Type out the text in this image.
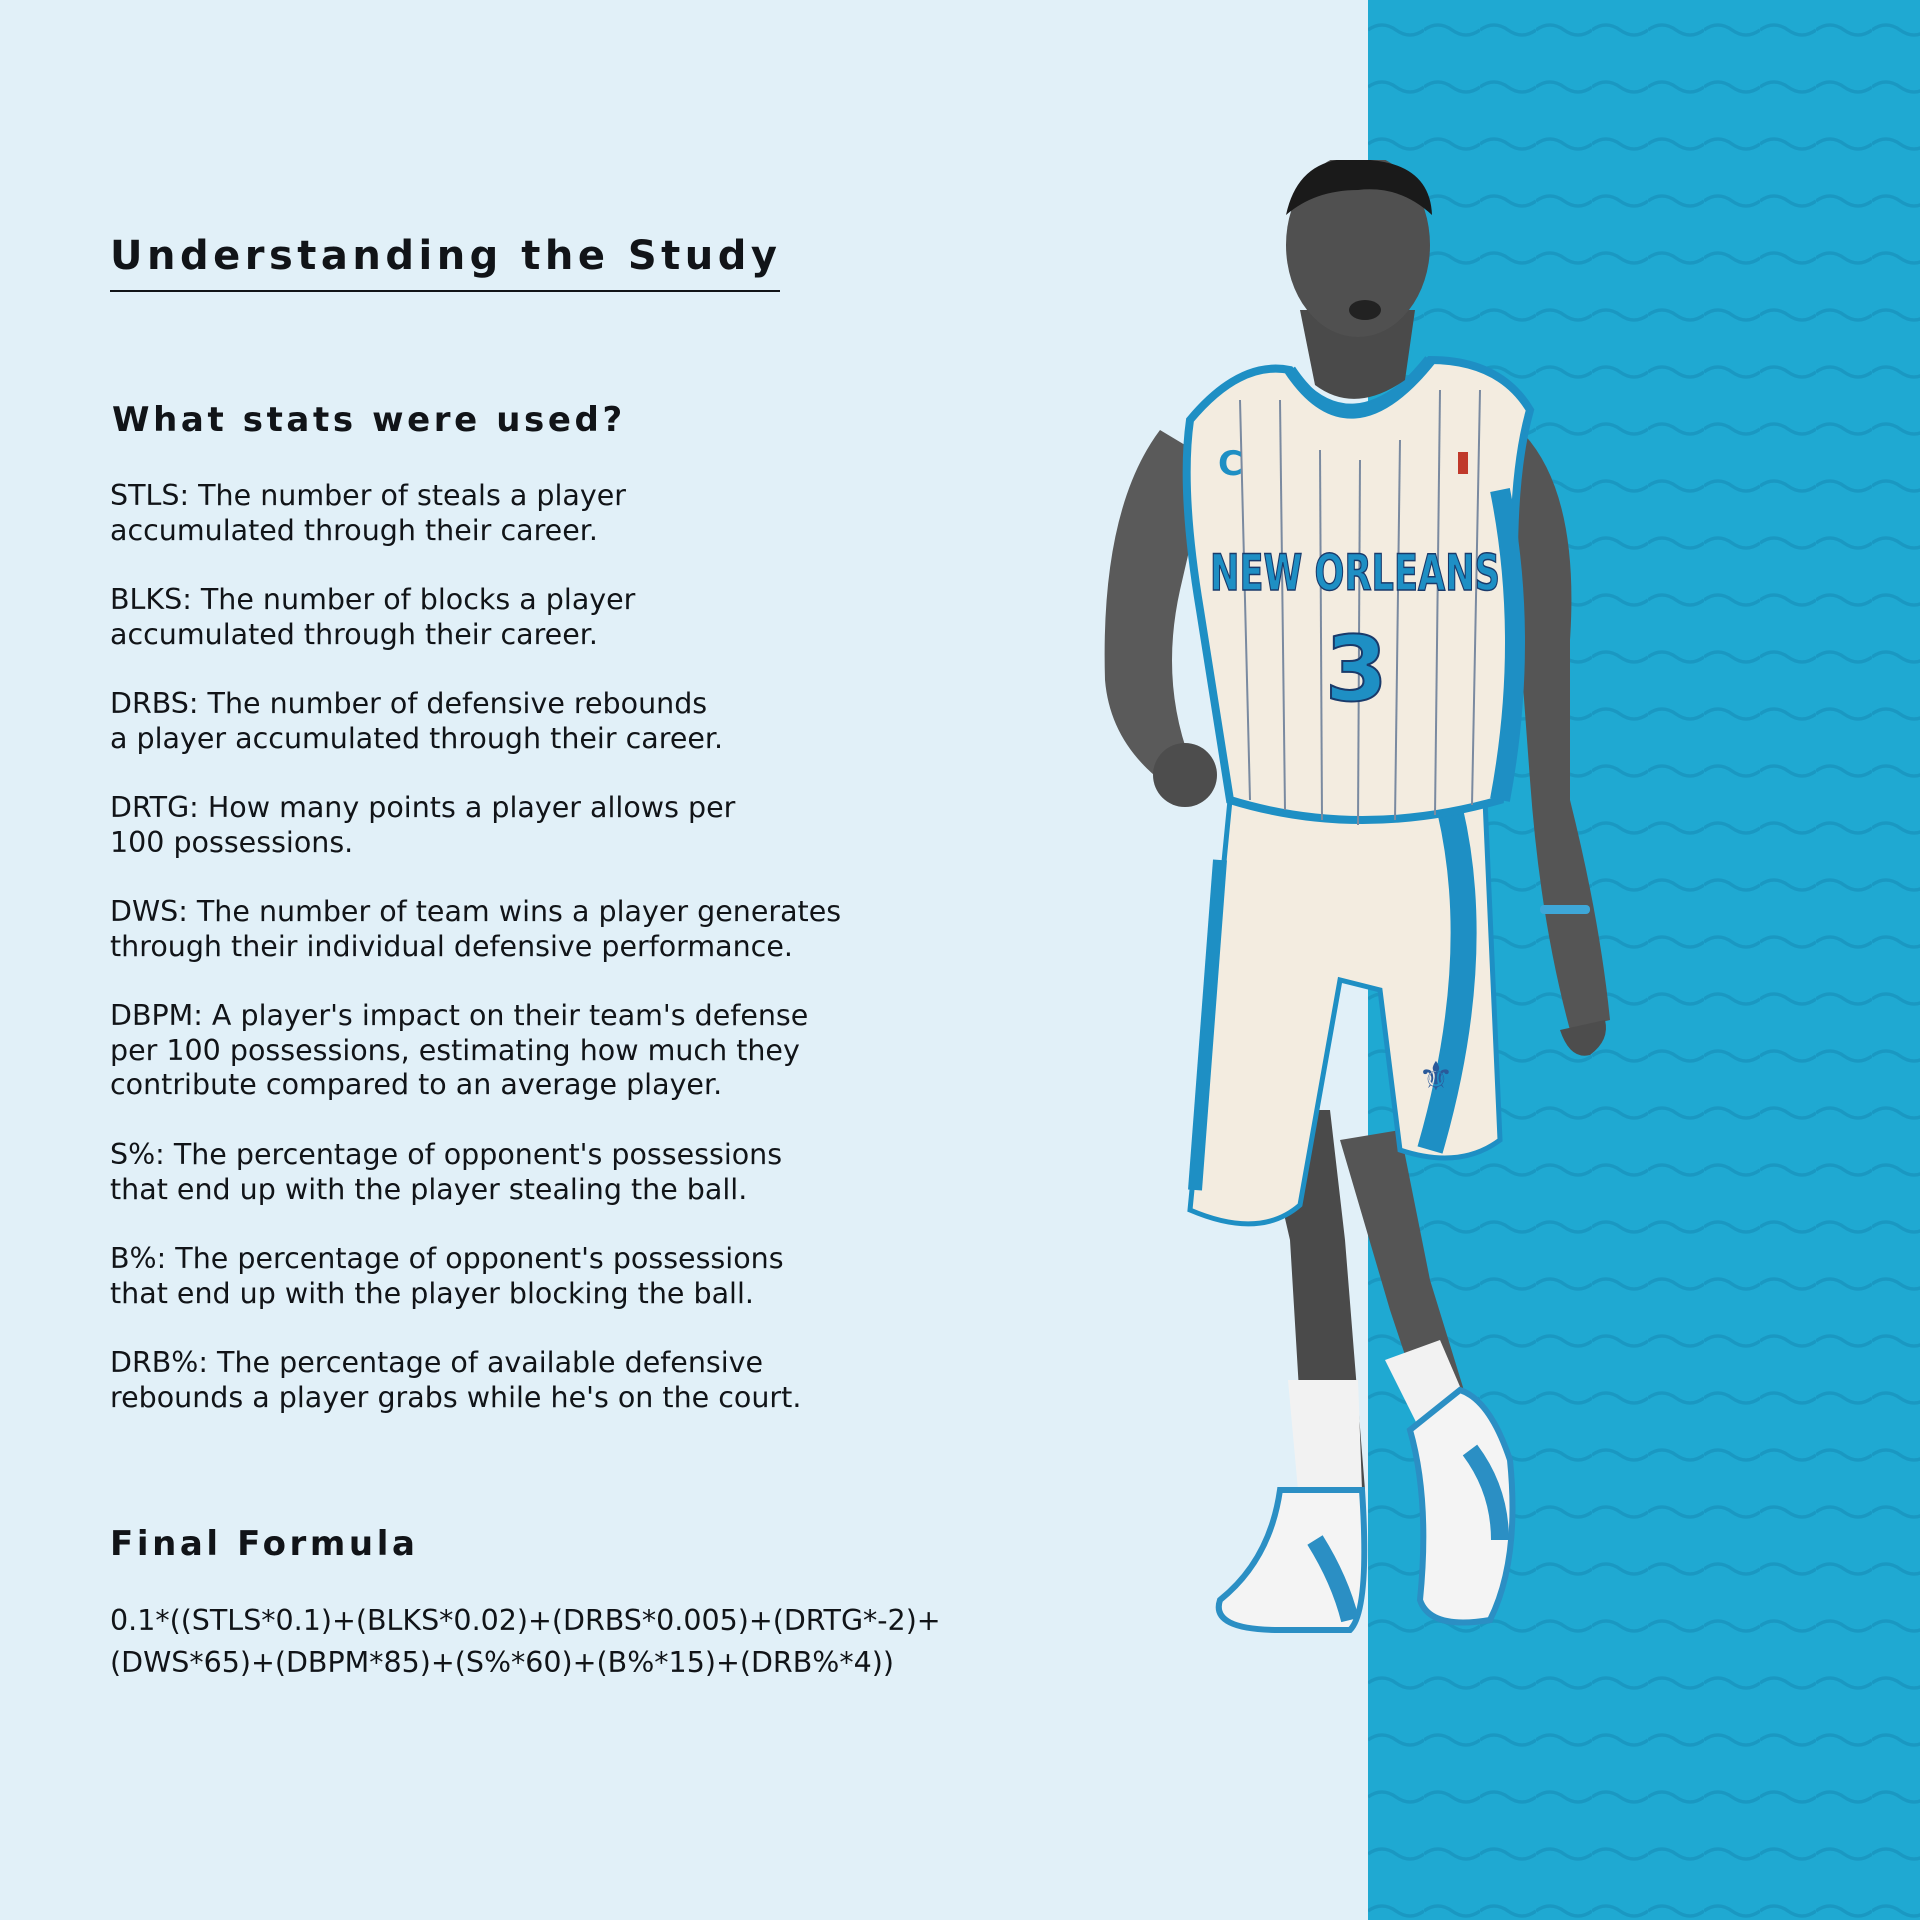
Understanding the Study
What stats were used?
STLS: The number of steals a player
accumulated through their career.
BLKS: The number of blocks a player
accumulated through their career.
DRBS: The number of defensive rebounds
a player accumulated through their career.
DRTG: How many points a player allows per
100 possessions.
DWS: The number of team wins a player generates
through their individual defensive performance.
DBPM: A player's impact on their team's defense
per 100 possessions, estimating how much they
contribute compared to an average player.
S%: The percentage of opponent's possessions
that end up with the player stealing the ball.
B%: The percentage of opponent's possessions
that end up with the player blocking the ball.
DRB%: The percentage of available defensive
rebounds a player grabs while he's on the court.
Final Formula
0.1*((STLS*0.1)+(BLKS*0.02)+(DRBS*0.005)+(DRTG*-2)+
(DWS*65)+(DBPM*85)+(S%*60)+(B%*15)+(DRB%*4))
⚜
NEW ORLEANS
3
C
